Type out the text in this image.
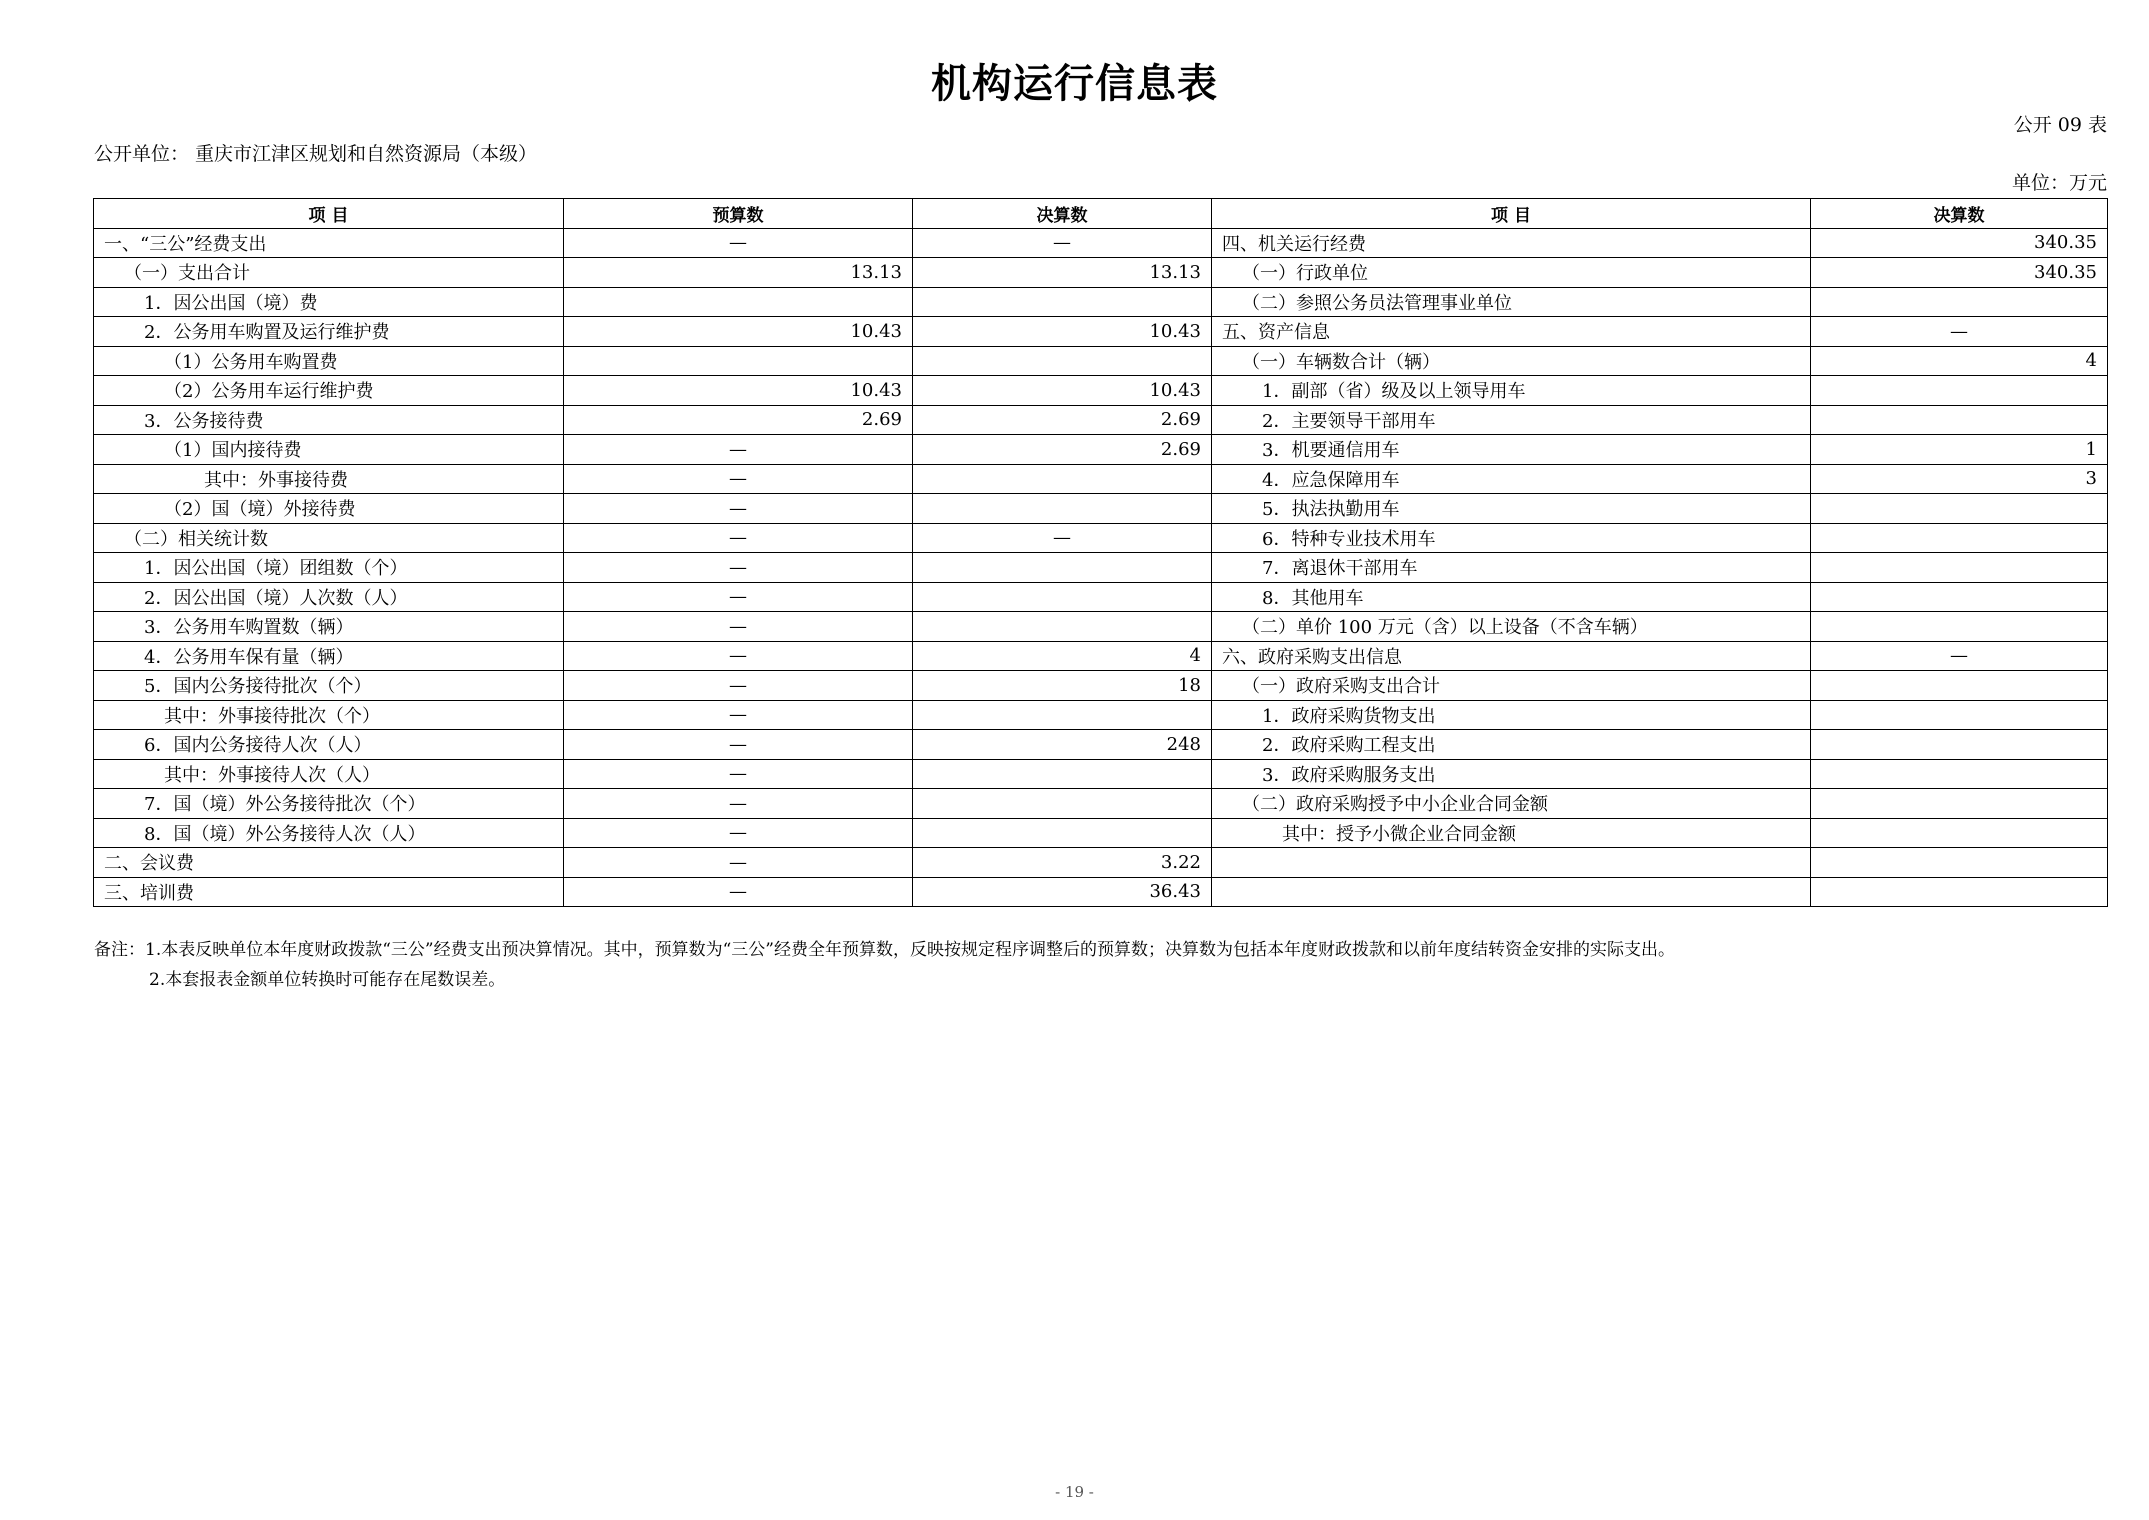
机构运行信息表
公开 09 表
公开单位： 重庆市江津区规划和自然资源局（本级）
单位：万元
项 目	预算数	决算数	项 目	决算数
一、“三公”经费支出	—	—	四、机关运行经费	340.35
（一）支出合计	13.13	13.13	（一）行政单位	340.35
1．因公出国（境）费			（二）参照公务员法管理事业单位	
2．公务用车购置及运行维护费	10.43	10.43	五、资产信息	—
（1）公务用车购置费			（一）车辆数合计（辆）	4
（2）公务用车运行维护费	10.43	10.43	1．副部（省）级及以上领导用车	
3．公务接待费	2.69	2.69	2．主要领导干部用车	
（1）国内接待费	—	2.69	3．机要通信用车	1
其中：外事接待费	—		4．应急保障用车	3
（2）国（境）外接待费	—		5．执法执勤用车	
（二）相关统计数	—	—	6．特种专业技术用车	
1．因公出国（境）团组数（个）	—		7．离退休干部用车	
2．因公出国（境）人次数（人）	—		8．其他用车	
3．公务用车购置数（辆）	—		（二）单价 100 万元（含）以上设备（不含车辆）	
4．公务用车保有量（辆）	—	4	六、政府采购支出信息	—
5．国内公务接待批次（个）	—	18	（一）政府采购支出合计	
其中：外事接待批次（个）	—		1．政府采购货物支出	
6．国内公务接待人次（人）	—	248	2．政府采购工程支出	
其中：外事接待人次（人）	—		3．政府采购服务支出	
7．国（境）外公务接待批次（个）	—		（二）政府采购授予中小企业合同金额	
8．国（境）外公务接待人次（人）	—		其中：授予小微企业合同金额	
二、会议费	—	3.22		
三、培训费	—	36.43		
备注：1.本表反映单位本年度财政拨款“三公”经费支出预决算情况。其中，预算数为“三公”经费全年预算数，反映按规定程序调整后的预算数；决算数为包括本年度财政拨款和以前年度结转资金安排的实际支出。
2.本套报表金额单位转换时可能存在尾数误差。
- 19 -
